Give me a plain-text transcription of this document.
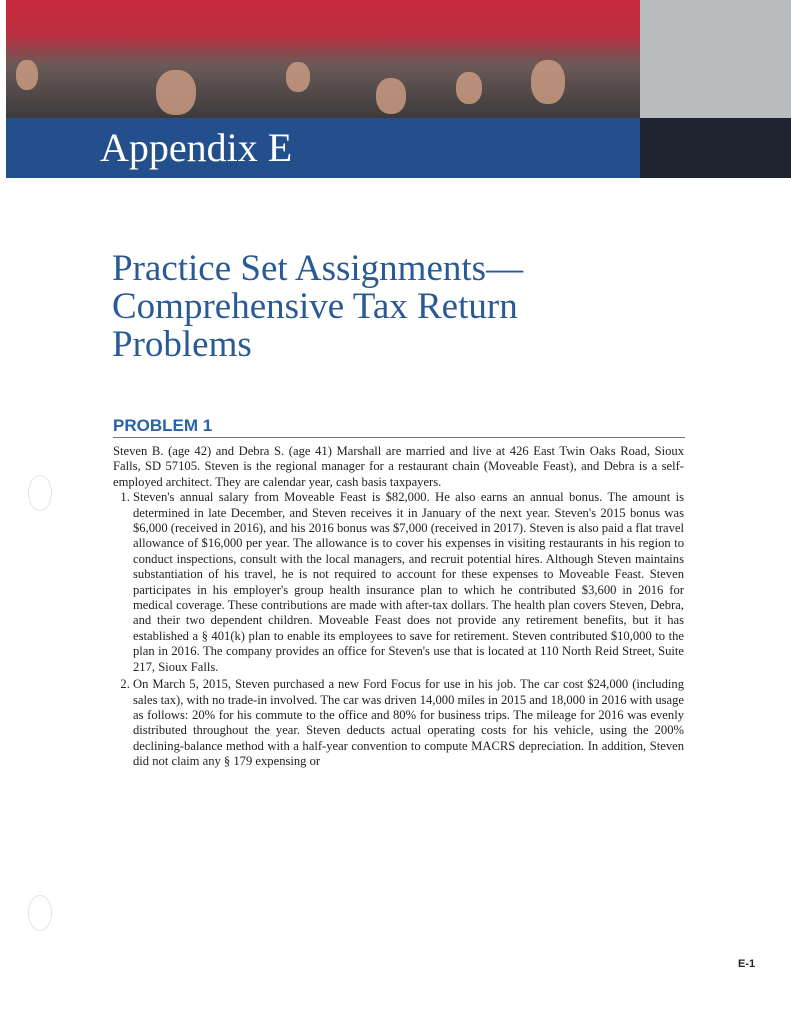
Appendix E
Practice Set Assignments—
Comprehensive Tax Return
Problems
PROBLEM 1

Steven B. (age 42) and Debra S. (age 41) Marshall are married and live at 426 East Twin Oaks Road, Sioux Falls, SD 57105. Steven is the regional manager for a restaurant chain (Moveable Feast), and Debra is a self-employed architect. They are calendar year, cash basis taxpayers.

1. Steven's annual salary from Moveable Feast is $82,000. He also earns an annual bonus. The amount is determined in late December, and Steven receives it in January of the next year. Steven's 2015 bonus was $6,000 (received in 2016), and his 2016 bonus was $7,000 (received in 2017). Steven is also paid a flat travel allowance of $16,000 per year. The allowance is to cover his expenses in visiting restaurants in his region to conduct inspections, consult with the local managers, and recruit potential hires. Although Steven maintains substantiation of his travel, he is not required to account for these expenses to Moveable Feast. Steven participates in his employer's group health insurance plan to which he contributed $3,600 in 2016 for medical coverage. These contributions are made with after-tax dollars. The health plan covers Steven, Debra, and their two dependent children. Moveable Feast does not provide any retirement benefits, but it has established a § 401(k) plan to enable its employees to save for retirement. Steven contributed $10,000 to the plan in 2016. The company provides an office for Steven's use that is located at 110 North Reid Street, Suite 217, Sioux Falls.
2. On March 5, 2015, Steven purchased a new Ford Focus for use in his job. The car cost $24,000 (including sales tax), with no trade-in involved. The car was driven 14,000 miles in 2015 and 18,000 in 2016 with usage as follows: 20% for his commute to the office and 80% for business trips. The mileage for 2016 was evenly distributed throughout the year. Steven deducts actual operating costs for his vehicle, using the 200% declining-balance method with a half-year convention to compute MACRS depreciation. In addition, Steven did not claim any § 179 expensing or
E-1
